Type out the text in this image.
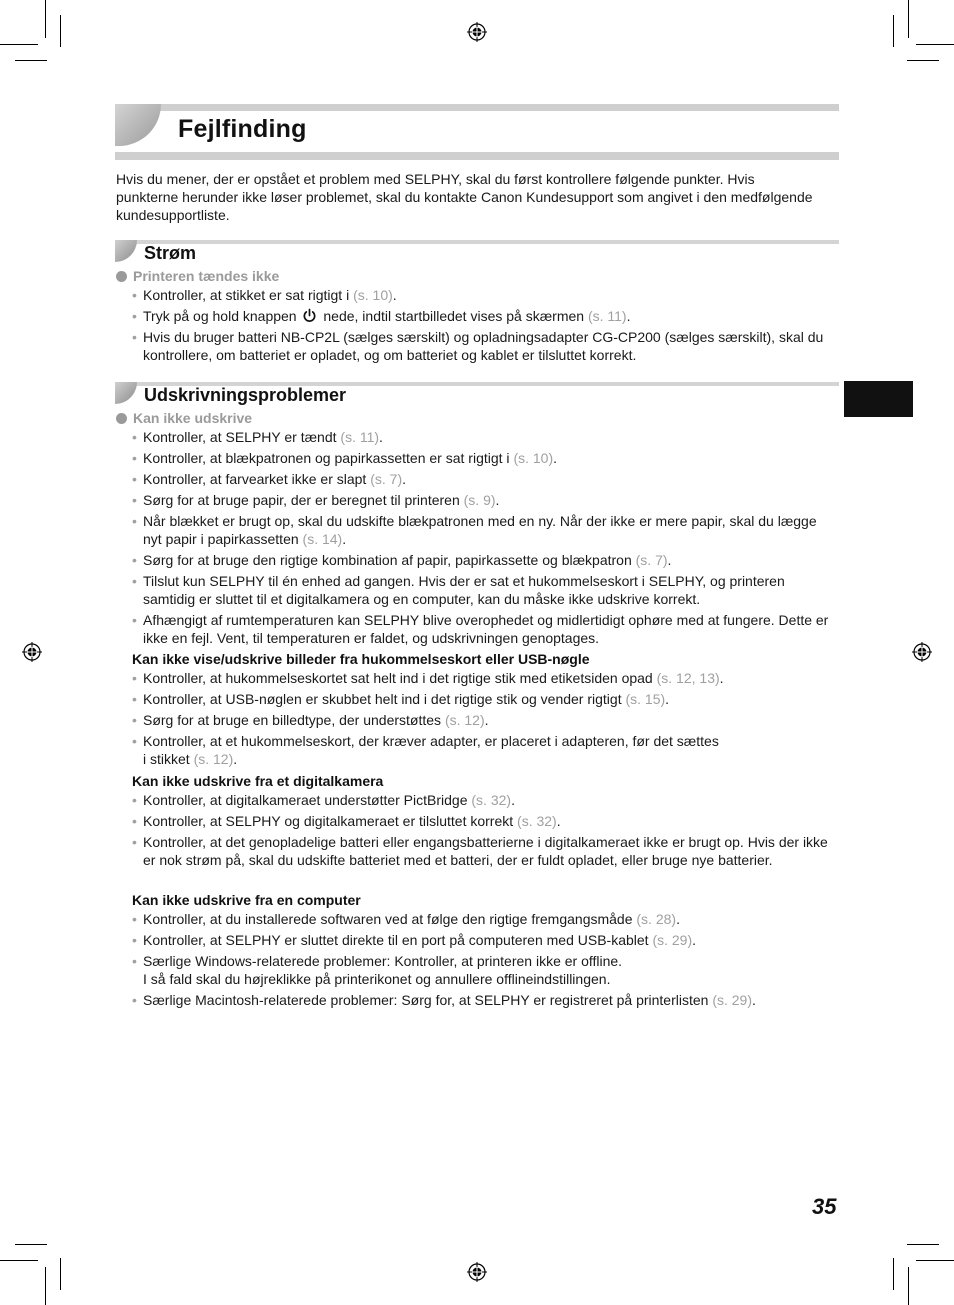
Fejlfinding

Hvis du mener, der er opstået et problem med SELPHY, skal du først kontrollere følgende punkter. Hvis punkterne herunder ikke løser problemet, skal du kontakte Canon Kundesupport som angivet i den medfølgende kundesupportliste.

Strøm

Printeren tændes ikke

• Kontroller, at stikket er sat rigtigt i (s. 10).
• Tryk på og hold knappen  nede, indtil startbilledet vises på skærmen (s. 11).
• Hvis du bruger batteri NB-CP2L (sælges særskilt) og opladningsadapter CG-CP200 (sælges særskilt), skal du kontrollere, om batteriet er opladet, og om batteriet og kablet er tilsluttet korrekt.
Udskrivningsproblemer

Kan ikke udskrive

• Kontroller, at SELPHY er tændt (s. 11).
• Kontroller, at blækpatronen og papirkassetten er sat rigtigt i (s. 10).
• Kontroller, at farvearket ikke er slapt (s. 7).
• Sørg for at bruge papir, der er beregnet til printeren (s. 9).
• Når blækket er brugt op, skal du udskifte blækpatronen med en ny. Når der ikke er mere papir, skal du lægge nyt papir i papirkassetten (s. 14).
• Sørg for at bruge den rigtige kombination af papir, papirkassette og blækpatron (s. 7).
• Tilslut kun SELPHY til én enhed ad gangen. Hvis der er sat et hukommelseskort i SELPHY, og printeren samtidig er sluttet til et digitalkamera og en computer, kan du måske ikke udskrive korrekt.
• Afhængigt af rumtemperaturen kan SELPHY blive overophedet og midlertidigt ophøre med at fungere. Dette er ikke en fejl. Vent, til temperaturen er faldet, og udskrivningen genoptages.

Kan ikke vise/udskrive billeder fra hukommelseskort eller USB-nøgle

• Kontroller, at hukommelseskortet sat helt ind i det rigtige stik med etiketsiden opad (s. 12, 13).
• Kontroller, at USB-nøglen er skubbet helt ind i det rigtige stik og vender rigtigt (s. 15).
• Sørg for at bruge en billedtype, der understøttes (s. 12).
• Kontroller, at et hukommelseskort, der kræver adapter, er placeret i adapteren, før det sættes
i stikket (s. 12).

Kan ikke udskrive fra et digitalkamera

• Kontroller, at digitalkameraet understøtter PictBridge (s. 32).
• Kontroller, at SELPHY og digitalkameraet er tilsluttet korrekt (s. 32).
• Kontroller, at det genopladelige batteri eller engangsbatterierne i digitalkameraet ikke er brugt op. Hvis der ikke er nok strøm på, skal du udskifte batteriet med et batteri, der er fuldt opladet, eller bruge nye batterier.

Kan ikke udskrive fra en computer

• Kontroller, at du installerede softwaren ved at følge den rigtige fremgangsmåde (s. 28).
• Kontroller, at SELPHY er sluttet direkte til en port på computeren med USB-kablet (s. 29).
• Særlige Windows-relaterede problemer: Kontroller, at printeren ikke er offline.
I så fald skal du højreklikke på printerikonet og annullere offlineindstillingen.
• Særlige Macintosh-relaterede problemer: Sørg for, at SELPHY er registreret på printerlisten (s. 29).

35
